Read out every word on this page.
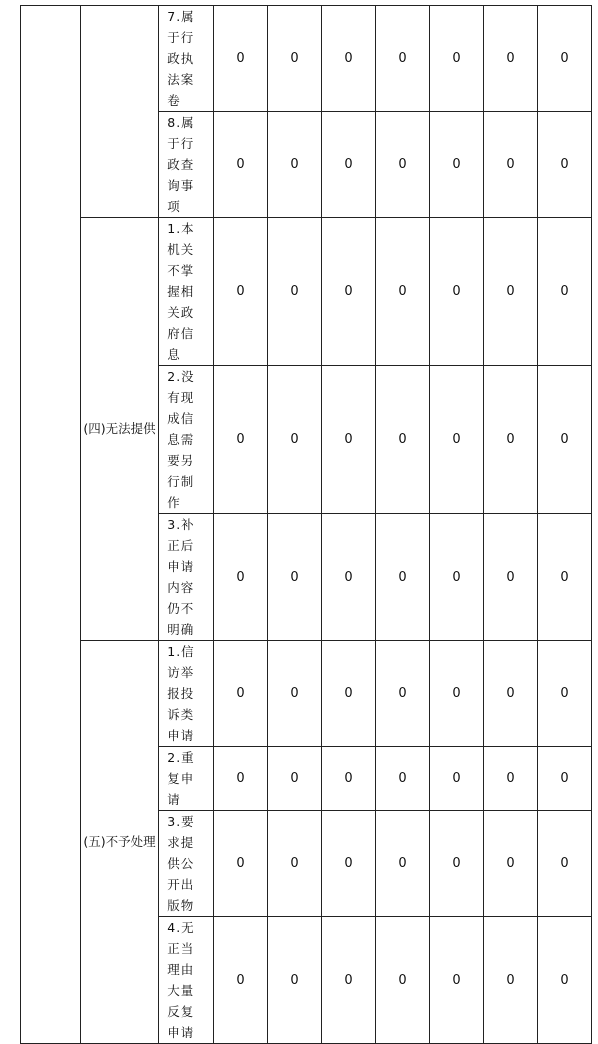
		7.属于行政执法案卷	0	0	0	0	0	0	0

		8.属于行政查询事项	0	0	0	0	0	0	0

	(四)无法提供	1.本机关不掌握相关政府信息	0	0	0	0	0	0	0

		2.没有现成信息需要另行制作	0	0	0	0	0	0	0

		3.补正后申请内容仍不明确	0	0	0	0	0	0	0

	(五)不予处理	1.信访举报投诉类申请	0	0	0	0	0	0	0

		2.重复申请	0	0	0	0	0	0	0

		3.要求提供公开出版物	0	0	0	0	0	0	0

		4.无正当理由大量反复申请	0	0	0	0	0	0	0
